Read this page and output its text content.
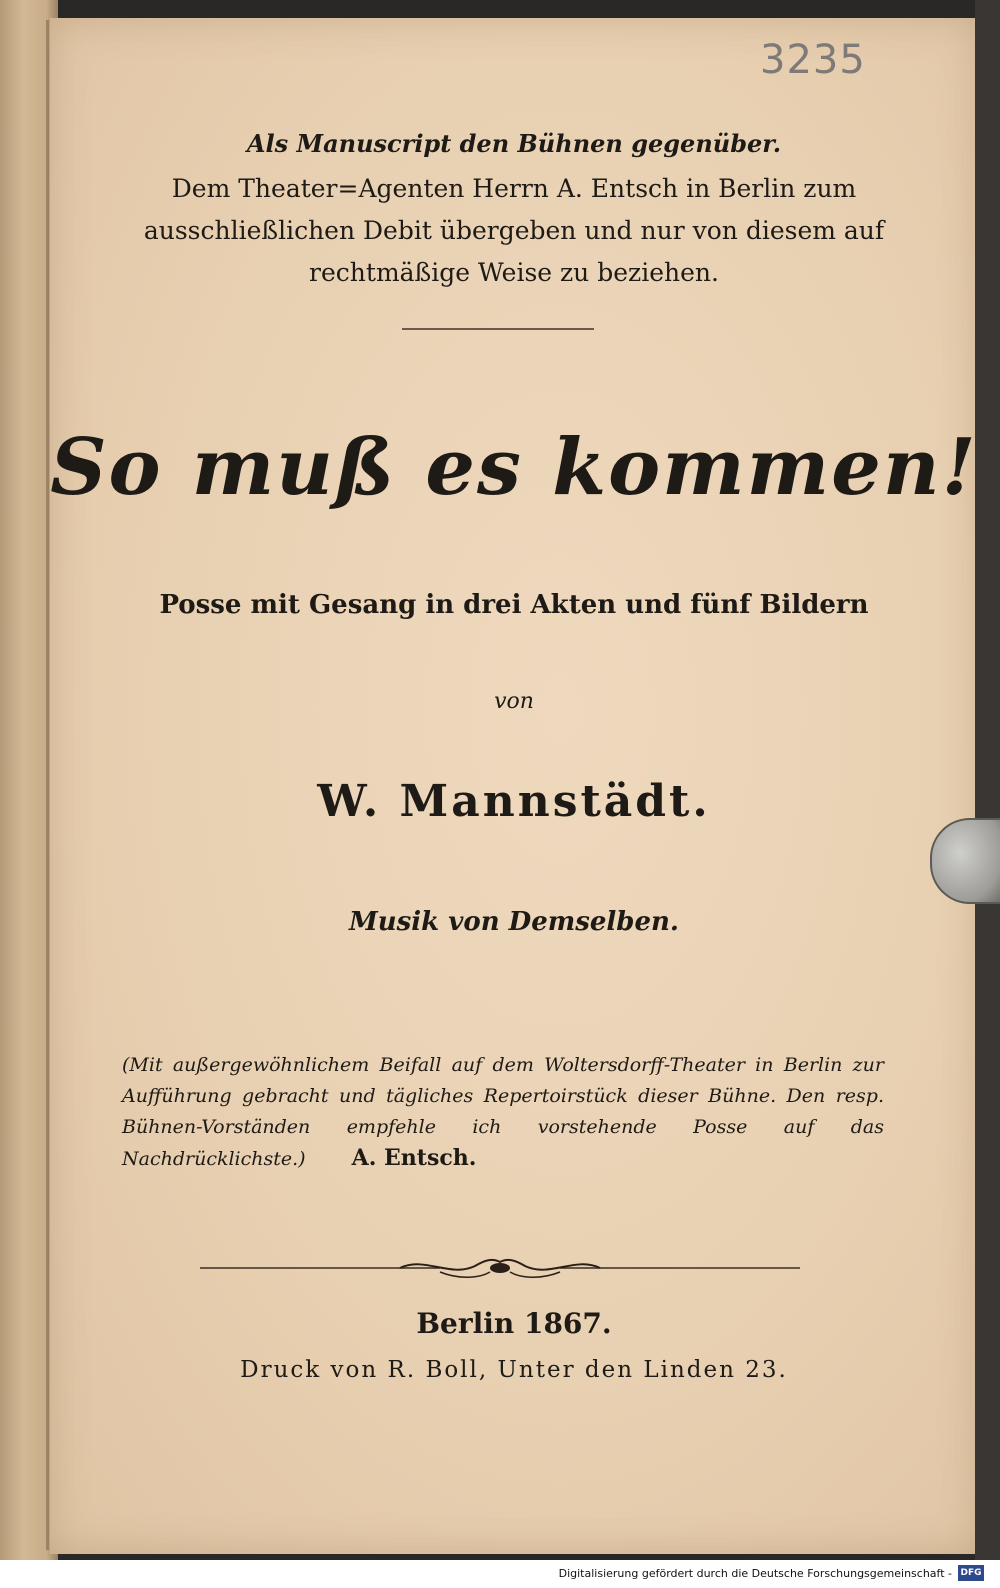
3235
Als Manuscript den Bühnen gegenüber.
Dem Theater=Agenten Herrn A. Entsch in Berlin zum ausschließlichen Debit übergeben und nur von diesem auf rechtmäßige Weise zu beziehen.
So muß es kommen!
Posse mit Gesang in drei Akten und fünf Bildern
von
W. Mannstädt.
Musik von Demselben.
(Mit außergewöhnlichem Beifall auf dem Woltersdorff-Theater in Berlin zur Aufführung gebracht und tägliches Repertoirstück dieser Bühne. Den resp. Bühnen-Vorständen empfehle ich vorstehende Posse auf das Nachdrücklichste.) A. Entsch.
Berlin 1867.
Druck von R. Boll, Unter den Linden 23.
Digitalisierung gefördert durch die Deutsche Forschungsgemeinschaft - DFG
